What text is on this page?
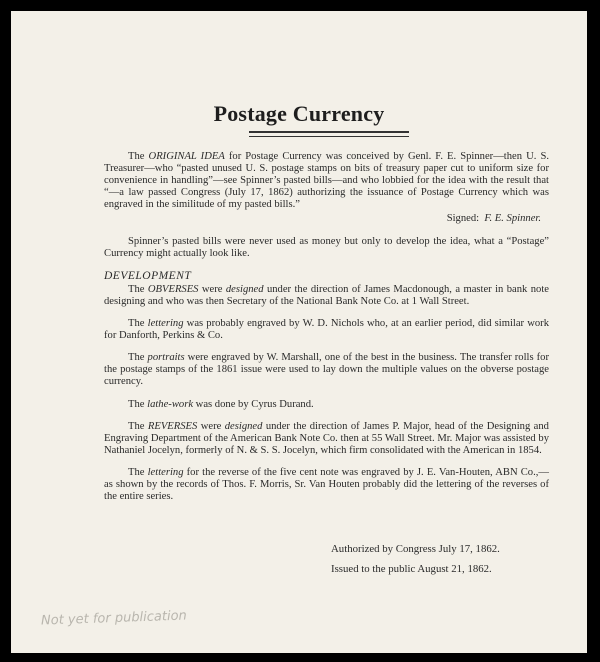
Postage Currency

The ORIGINAL IDEA for Postage Currency was conceived by Genl. F. E. Spinner—then U. S. Treasurer—who “pasted unused U. S. postage stamps on bits of treasury paper cut to uniform size for convenience in handling”—see Spinner’s pasted bills—and who lobbied for the idea with the result that “—a law passed Congress (July 17, 1862) authorizing the issuance of Postage Currency which was engraved in the similitude of my pasted bills.”

Signed: F. E. Spinner.

Spinner’s pasted bills were never used as money but only to develop the idea, what a “Postage” Currency might actually look like.

DEVELOPMENT

The OBVERSES were designed under the direction of James Macdonough, a master in bank note designing and who was then Secretary of the National Bank Note Co. at 1 Wall Street.

The lettering was probably engraved by W. D. Nichols who, at an earlier period, did similar work for Danforth, Perkins & Co.

The portraits were engraved by W. Marshall, one of the best in the business. The transfer rolls for the postage stamps of the 1861 issue were used to lay down the multiple values on the obverse postage currency.

The lathe-work was done by Cyrus Durand.

The REVERSES were designed under the direction of James P. Major, head of the Designing and Engraving Department of the American Bank Note Co. then at 55 Wall Street. Mr. Major was assisted by Nathaniel Jocelyn, formerly of N. & S. S. Jocelyn, which firm consolidated with the American in 1854.

The lettering for the reverse of the five cent note was engraved by J. E. Van-Houten, ABN Co.,—as shown by the records of Thos. F. Morris, Sr. Van Houten probably did the lettering of the reverses of the entire series.

Authorized by Congress July 17, 1862.
Issued to the public August 21, 1862.
Not yet for publication
